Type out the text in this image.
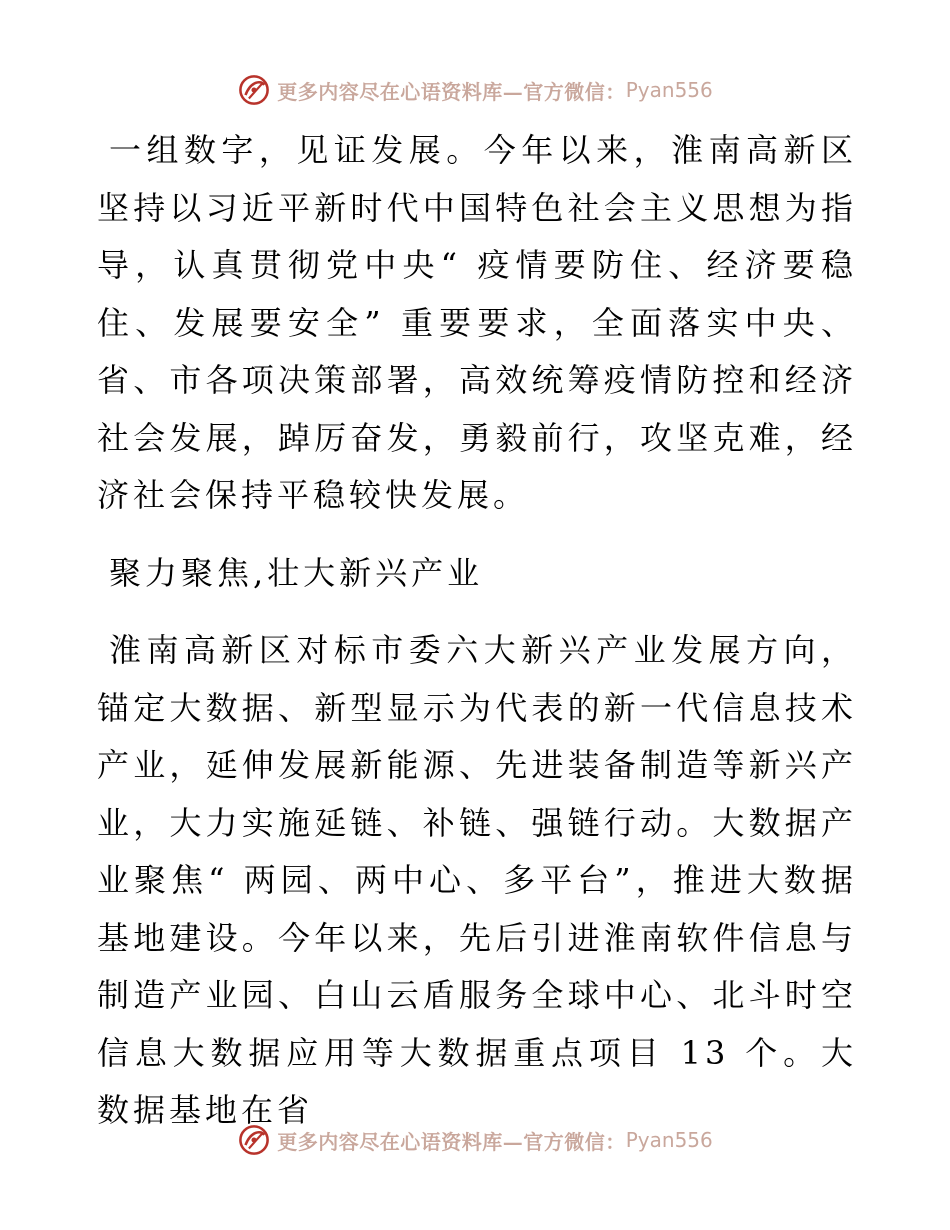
更多内容尽在心语资料库—官方微信： Pyan556

一组数字，见证发展。今年以来，淮南高新区坚持以习近平新时代中国特色社会主义思想为指导，认真贯彻党中央“ 疫情要防住、经济要稳住、发展要安全” 重要要求，全面落实中央、省、市各项决策部署，高效统筹疫情防控和经济社会发展，踔厉奋发，勇毅前行，攻坚克难，经济社会保持平稳较快发展。

聚力聚焦,壮大新兴产业

淮南高新区对标市委六大新兴产业发展方向，锚定大数据、新型显示为代表的新一代信息技术产业，延伸发展新能源、先进装备制造等新兴产业，大力实施延链、补链、强链行动。大数据产业聚焦“ 两园、两中心、多平台”，推进大数据基地建设。今年以来，先后引进淮南软件信息与制造产业园、白山云盾服务全球中心、北斗时空信息大数据应用等大数据重点项目 13 个。大数据基地在省

更多内容尽在心语资料库—官方微信： Pyan556
